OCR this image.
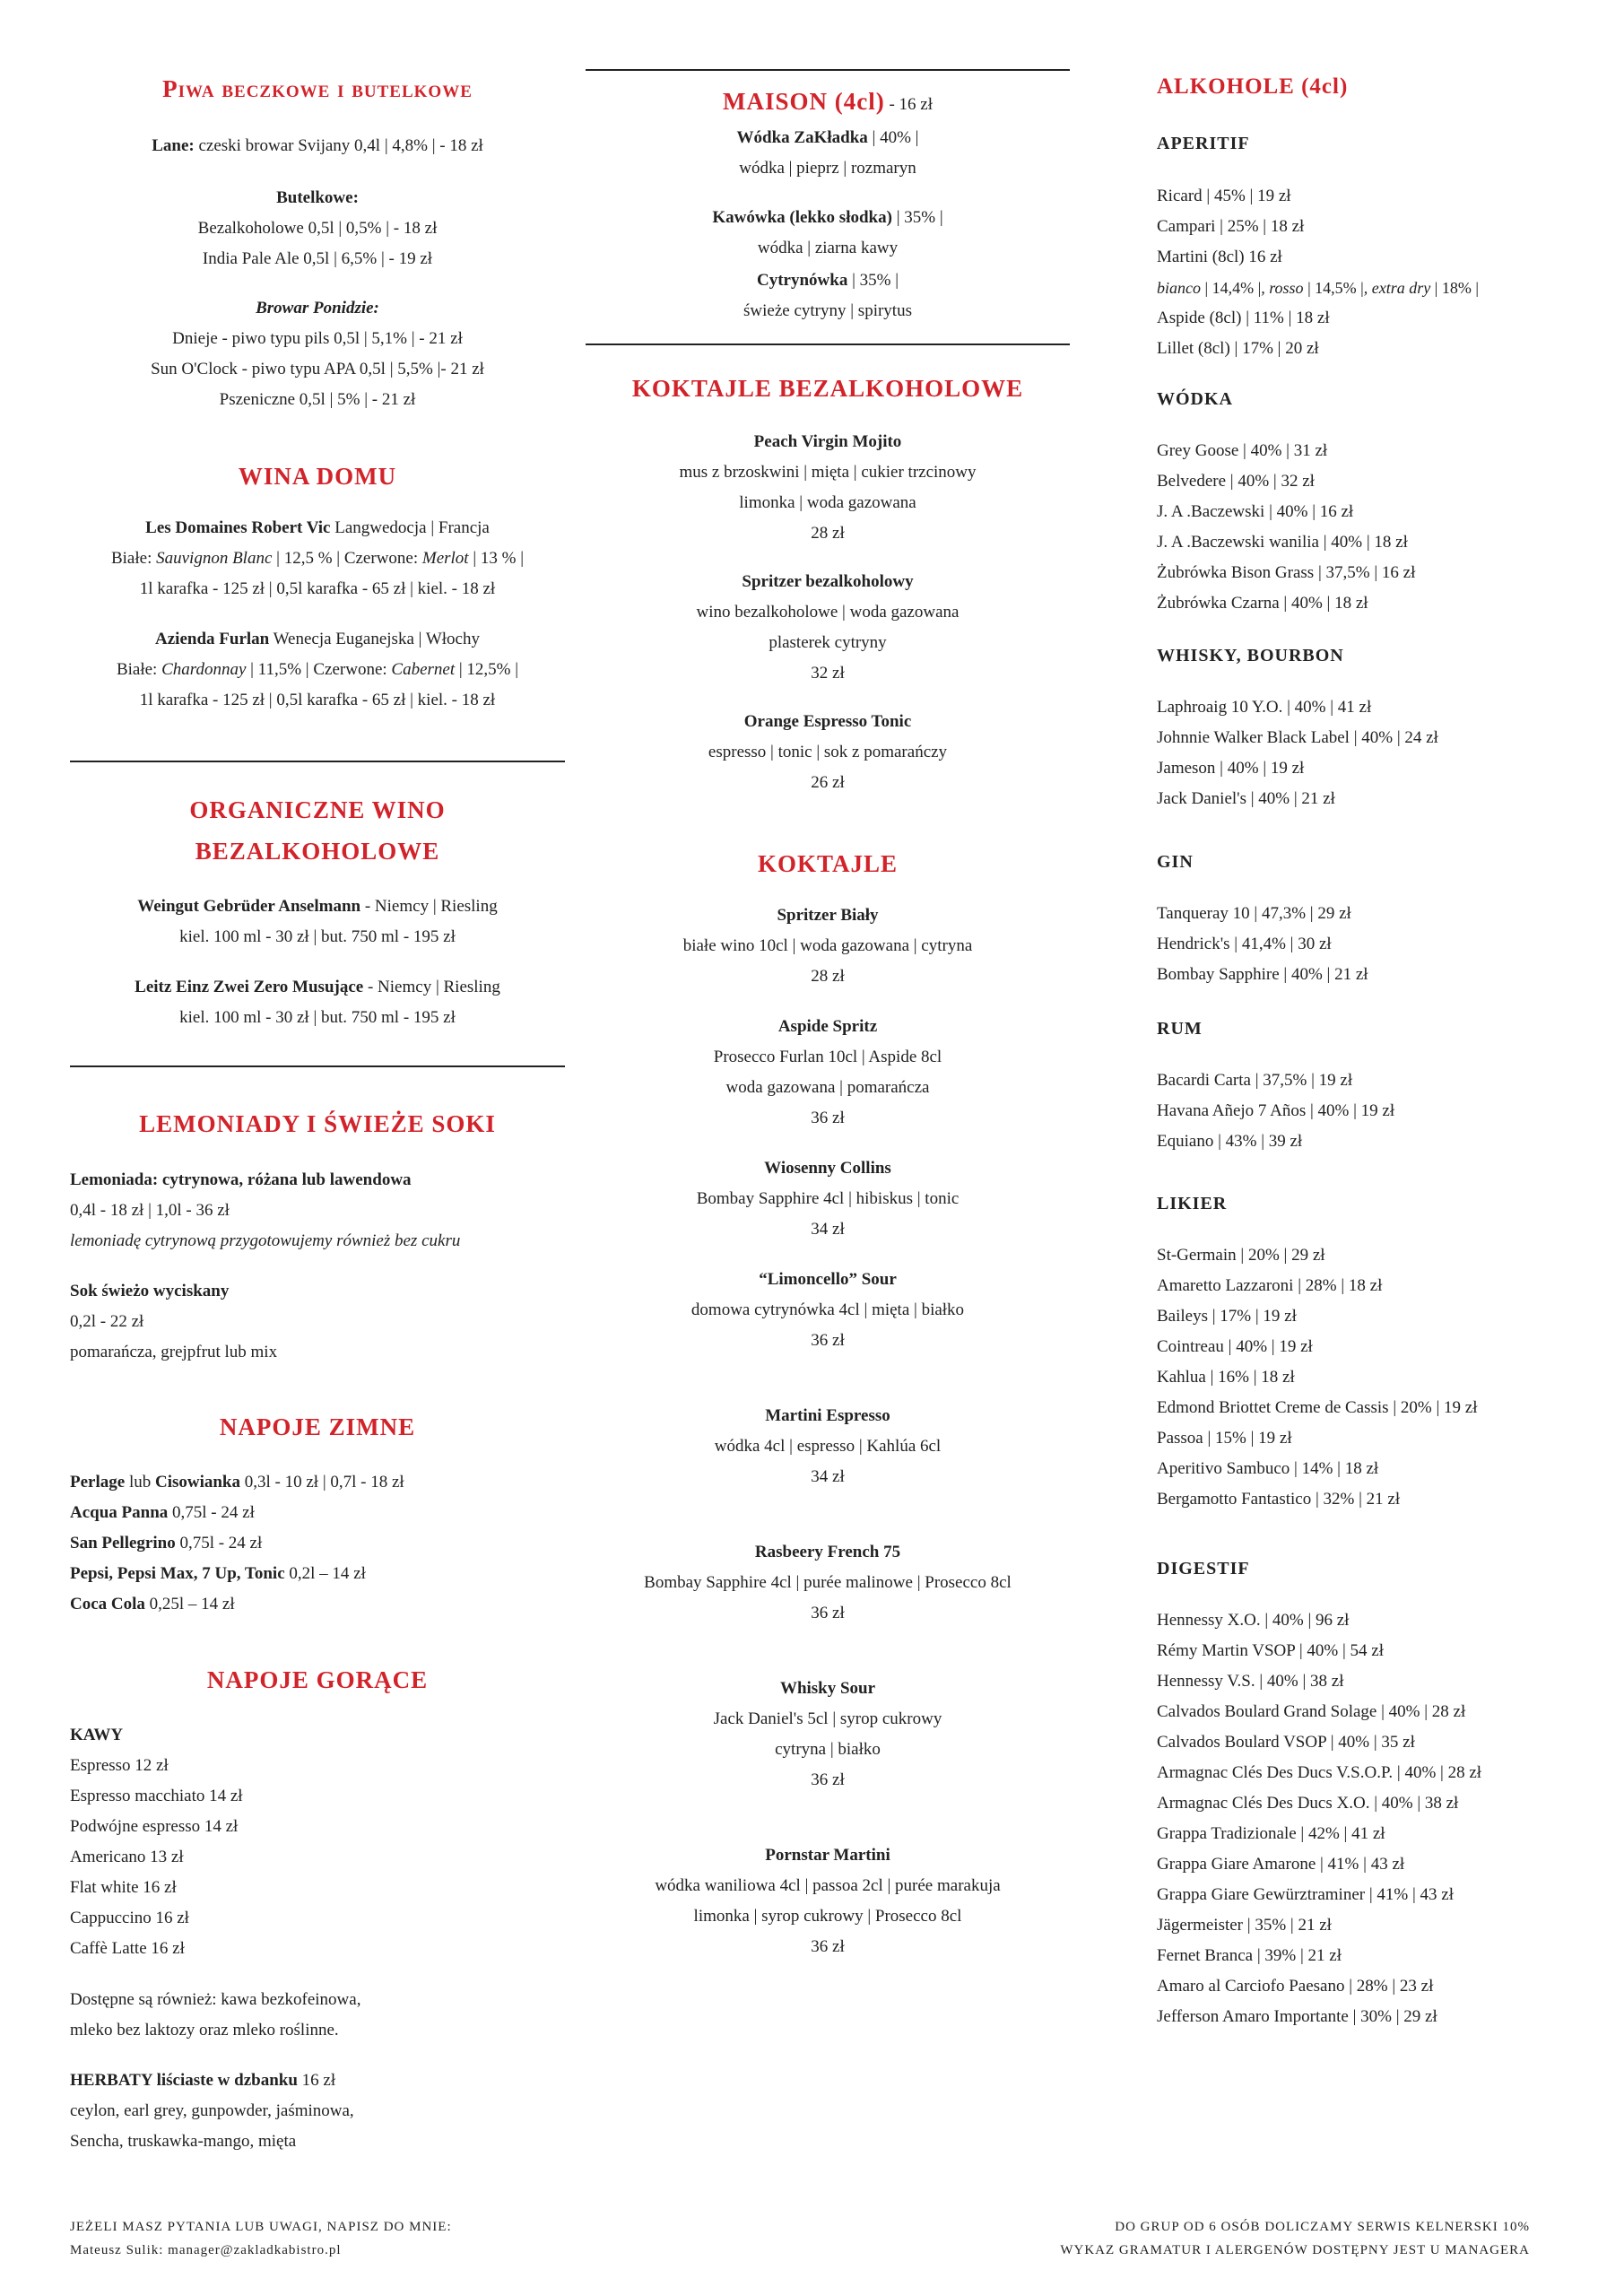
Piwa beczkowe i butelkowe
Lane: czeski browar Svijany 0,4l | 4,8% | - 18 zł
Butelkowe:
Bezalkoholowe 0,5l | 0,5% | - 18 zł
India Pale Ale 0,5l | 6,5% | - 19 zł
Browar Ponidzie:
Dnieje - piwo typu pils 0,5l | 5,1% | - 21 zł
Sun O'Clock - piwo typu APA 0,5l | 5,5% |- 21 zł
Pszeniczne 0,5l | 5% | - 21 zł
WINA DOMU
Les Domaines Robert Vic Langwedocja | Francja
Białe: Sauvignon Blanc | 12,5 % | Czerwone: Merlot | 13 % |
1l karafka - 125 zł | 0,5l karafka - 65 zł | kiel. - 18 zł
Azienda Furlan Wenecja Euganejska | Włochy
Białe: Chardonnay | 11,5% | Czerwone: Cabernet | 12,5% |
1l karafka - 125 zł | 0,5l karafka - 65 zł | kiel. - 18 zł
ORGANICZNE WINO
BEZALKOHOLOWE
Weingut Gebrüder Anselmann - Niemcy | Riesling
kiel. 100 ml - 30 zł | but. 750 ml - 195 zł
Leitz Einz Zwei Zero Musujące - Niemcy | Riesling
kiel. 100 ml - 30 zł | but. 750 ml - 195 zł
LEMONIADY I ŚWIEŻE SOKI
Lemoniada: cytrynowa, różana lub lawendowa
0,4l - 18 zł | 1,0l - 36 zł
lemoniadę cytrynową przygotowujemy również bez cukru
Sok świeżo wyciskany
0,2l - 22 zł
pomarańcza, grejpfrut lub mix
NAPOJE ZIMNE
Perlage lub Cisowianka 0,3l - 10 zł | 0,7l - 18 zł
Acqua Panna 0,75l - 24 zł
San Pellegrino 0,75l - 24 zł
Pepsi, Pepsi Max, 7 Up, Tonic 0,2l – 14 zł
Coca Cola 0,25l – 14 zł
NAPOJE GORĄCE
KAWY
Espresso 12 zł
Espresso macchiato 14 zł
Podwójne espresso 14 zł
Americano 13 zł
Flat white 16 zł
Cappuccino 16 zł
Caffè Latte 16 zł
Dostępne są również: kawa bezkofeinowa,
mleko bez laktozy oraz mleko roślinne.
HERBATY liściaste w dzbanku 16 zł
ceylon, earl grey, gunpowder, jaśminowa,
Sencha, truskawka-mango, mięta
MAISON (4cl) - 16 zł
Wódka ZaKładka | 40% |
wódka | pieprz | rozmaryn
Kawówka (lekko słodka) | 35% |
wódka | ziarna kawy
Cytrynówka | 35% |
świeże cytryny | spirytus
KOKTAJLE BEZALKOHOLOWE
Peach Virgin Mojito
mus z brzoskwini | mięta | cukier trzcinowy
limonka | woda gazowana
28 zł
Spritzer bezalkoholowy
wino bezalkoholowe | woda gazowana
plasterek cytryny
32 zł
Orange Espresso Tonic
espresso | tonic | sok z pomarańczy
26 zł
KOKTAJLE
Spritzer Biały
białe wino 10cl | woda gazowana | cytryna
28 zł
Aspide Spritz
Prosecco Furlan 10cl | Aspide 8cl
woda gazowana | pomarańcza
36 zł
Wiosenny Collins
Bombay Sapphire 4cl | hibiskus | tonic
34 zł
“Limoncello” Sour
domowa cytrynówka 4cl | mięta | białko
36 zł
Martini Espresso
wódka 4cl | espresso | Kahlúa 6cl
34 zł
Rasbeery French 75
Bombay Sapphire 4cl | purée malinowe | Prosecco 8cl
36 zł
Whisky Sour
Jack Daniel's 5cl | syrop cukrowy
cytryna | białko
36 zł
Pornstar Martini
wódka waniliowa 4cl | passoa 2cl | purée marakuja
limonka | syrop cukrowy | Prosecco 8cl
36 zł
ALKOHOLE (4cl)
APERITIF
Ricard | 45% | 19 zł
Campari | 25% | 18 zł
Martini (8cl) 16 zł
bianco | 14,4% |, rosso | 14,5% |, extra dry | 18% |
Aspide (8cl) | 11% | 18 zł
Lillet (8cl) | 17% | 20 zł
WÓDKA
Grey Goose | 40% | 31 zł
Belvedere | 40% | 32 zł
J. A .Baczewski | 40% | 16 zł
J. A .Baczewski wanilia | 40% | 18 zł
Żubrówka Bison Grass | 37,5% | 16 zł
Żubrówka Czarna | 40% | 18 zł
WHISKY, BOURBON
Laphroaig 10 Y.O. | 40% | 41 zł
Johnnie Walker Black Label | 40% | 24 zł
Jameson | 40% | 19 zł
Jack Daniel's | 40% | 21 zł
GIN
Tanqueray 10 | 47,3% | 29 zł
Hendrick's | 41,4% | 30 zł
Bombay Sapphire | 40% | 21 zł
RUM
Bacardi Carta | 37,5% | 19 zł
Havana Añejo 7 Años | 40% | 19 zł
Equiano | 43% | 39 zł
LIKIER
St-Germain | 20% | 29 zł
Amaretto Lazzaroni | 28% | 18 zł
Baileys | 17% | 19 zł
Cointreau | 40% | 19 zł
Kahlua | 16% | 18 zł
Edmond Briottet Creme de Cassis | 20% | 19 zł
Passoa | 15% | 19 zł
Aperitivo Sambuco | 14% | 18 zł
Bergamotto Fantastico | 32% | 21 zł
DIGESTIF
Hennessy X.O. | 40% | 96 zł
Rémy Martin VSOP | 40% | 54 zł
Hennessy V.S. | 40% | 38 zł
Calvados Boulard Grand Solage | 40% | 28 zł
Calvados Boulard VSOP | 40% | 35 zł
Armagnac Clés Des Ducs V.S.O.P. | 40% | 28 zł
Armagnac Clés Des Ducs X.O. | 40% | 38 zł
Grappa Tradizionale | 42% | 41 zł
Grappa Giare Amarone | 41% | 43 zł
Grappa Giare Gewürztraminer | 41% | 43 zł
Jägermeister | 35% | 21 zł
Fernet Branca | 39% | 21 zł
Amaro al Carciofo Paesano | 28% | 23 zł
Jefferson Amaro Importante | 30% | 29 zł
JEŻELI MASZ PYTANIA LUB UWAGI, NAPISZ DO MNIE:
Mateusz Sulik: manager@zakladkabistro.pl
DO GRUP OD 6 OSÓB DOLICZAMY SERWIS KELNERSKI 10%
WYKAZ GRAMATUR I ALERGENÓW DOSTĘPNY JEST U MANAGERA
